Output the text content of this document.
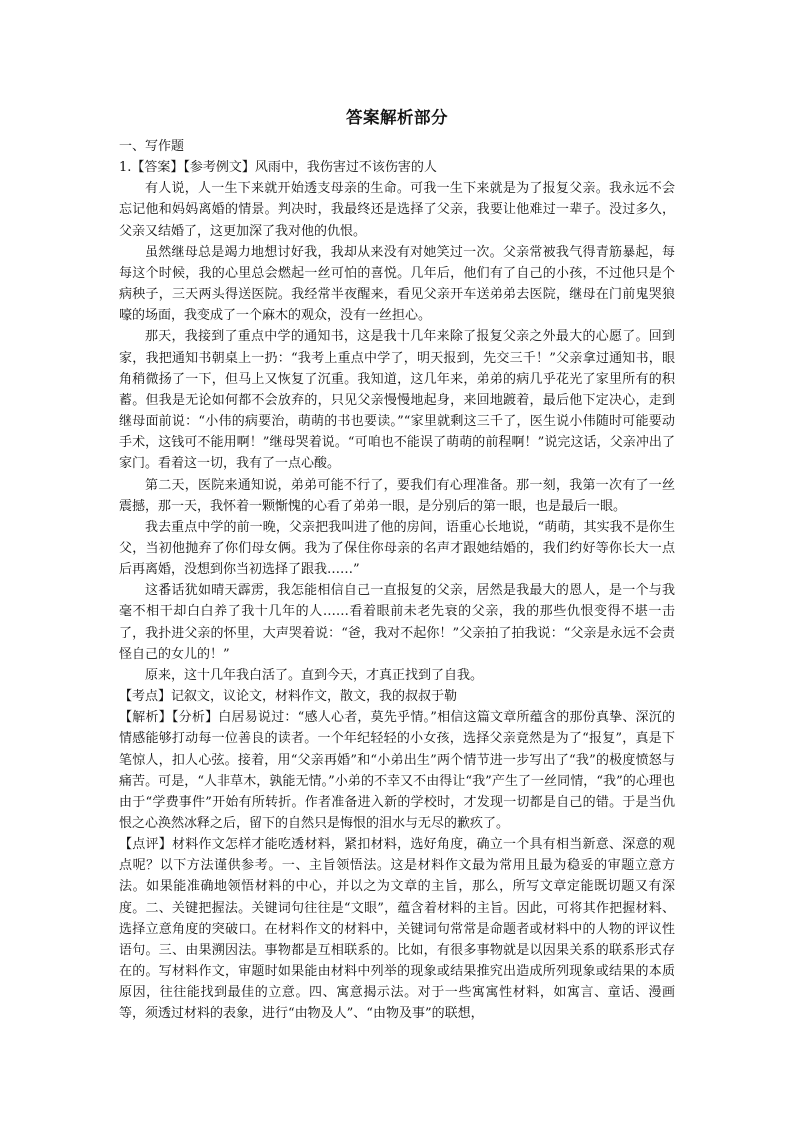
答案解析部分

一、写作题

1.【答案】【参考例文】风雨中，我伤害过不该伤害的人

有人说，人一生下来就开始透支母亲的生命。可我一生下来就是为了报复父亲。我永远不会忘记他和妈妈离婚的情景。判决时，我最终还是选择了父亲，我要让他难过一辈子。没过多久，父亲又结婚了，这更加深了我对他的仇恨。

虽然继母总是竭力地想讨好我，我却从来没有对她笑过一次。父亲常被我气得青筋暴起，每每这个时候，我的心里总会燃起一丝可怕的喜悦。几年后，他们有了自己的小孩，不过他只是个病秧子，三天两头得送医院。我经常半夜醒来，看见父亲开车送弟弟去医院，继母在门前鬼哭狼嚎的场面，我变成了一个麻木的观众，没有一丝担心。

那天，我接到了重点中学的通知书，这是我十几年来除了报复父亲之外最大的心愿了。回到家，我把通知书朝桌上一扔：“我考上重点中学了，明天报到，先交三千！”父亲拿过通知书，眼角稍微扬了一下，但马上又恢复了沉重。我知道，这几年来，弟弟的病几乎花光了家里所有的积蓄。但我是无论如何都不会放弃的，只见父亲慢慢地起身，来回地踱着，最后他下定决心，走到继母面前说：“小伟的病要治，萌萌的书也要读。”“家里就剩这三千了，医生说小伟随时可能要动手术，这钱可不能用啊！”继母哭着说。“可咱也不能误了萌萌的前程啊！”说完这话，父亲冲出了家门。看着这一切，我有了一点心酸。

第二天，医院来通知说，弟弟可能不行了，要我们有心理准备。那一刻，我第一次有了一丝震撼，那一天，我怀着一颗惭愧的心看了弟弟一眼，是分别后的第一眼，也是最后一眼。

我去重点中学的前一晚，父亲把我叫进了他的房间，语重心长地说，“萌萌，其实我不是你生父，当初他抛弃了你们母女俩。我为了保住你母亲的名声才跟她结婚的，我们约好等你长大一点后再离婚，没想到你当初选择了跟我……”

这番话犹如晴天霹雳，我怎能相信自己一直报复的父亲，居然是我最大的恩人，是一个与我毫不相干却白白养了我十几年的人……看着眼前未老先衰的父亲，我的那些仇恨变得不堪一击了，我扑进父亲的怀里，大声哭着说：“爸，我对不起你！”父亲拍了拍我说：“父亲是永远不会责怪自己的女儿的！”

原来，这十几年我白活了。直到今天，才真正找到了自我。

【考点】记叙文，议论文，材料作文，散文，我的叔叔于勒

【解析】【分析】白居易说过：“感人心者，莫先乎情。”相信这篇文章所蕴含的那份真挚、深沉的情感能够打动每一位善良的读者。一个年纪轻轻的小女孩，选择父亲竟然是为了“报复”，真是下笔惊人，扣人心弦。接着，用“父亲再婚”和“小弟出生”两个情节进一步写出了“我”的极度愤怒与痛苦。可是，“人非草木，孰能无情。”小弟的不幸又不由得让“我”产生了一丝同情，“我”的心理也由于“学费事件”开始有所转折。作者准备进入新的学校时，才发现一切都是自己的错。于是当仇恨之心涣然冰释之后，留下的自然只是悔恨的泪水与无尽的歉疚了。

【点评】材料作文怎样才能吃透材料，紧扣材料，选好角度，确立一个具有相当新意、深意的观点呢？以下方法谨供参考。一、主旨领悟法。这是材料作文最为常用且最为稳妥的审题立意方法。如果能准确地领悟材料的中心，并以之为文章的主旨，那么，所写文章定能既切题又有深度。二、关键把握法。关键词句往往是“文眼”，蕴含着材料的主旨。因此，可将其作把握材料、选择立意角度的突破口。在材料作文的材料中，关键词句常常是命题者或材料中的人物的评议性语句。三、由果溯因法。事物都是互相联系的。比如，有很多事物就是以因果关系的联系形式存在的。写材料作文，审题时如果能由材料中列举的现象或结果推究出造成所列现象或结果的本质原因，往往能找到最佳的立意。四、寓意揭示法。对于一些寓寓性材料，如寓言、童话、漫画等，须透过材料的表象，进行“由物及人”、“由物及事”的联想，
